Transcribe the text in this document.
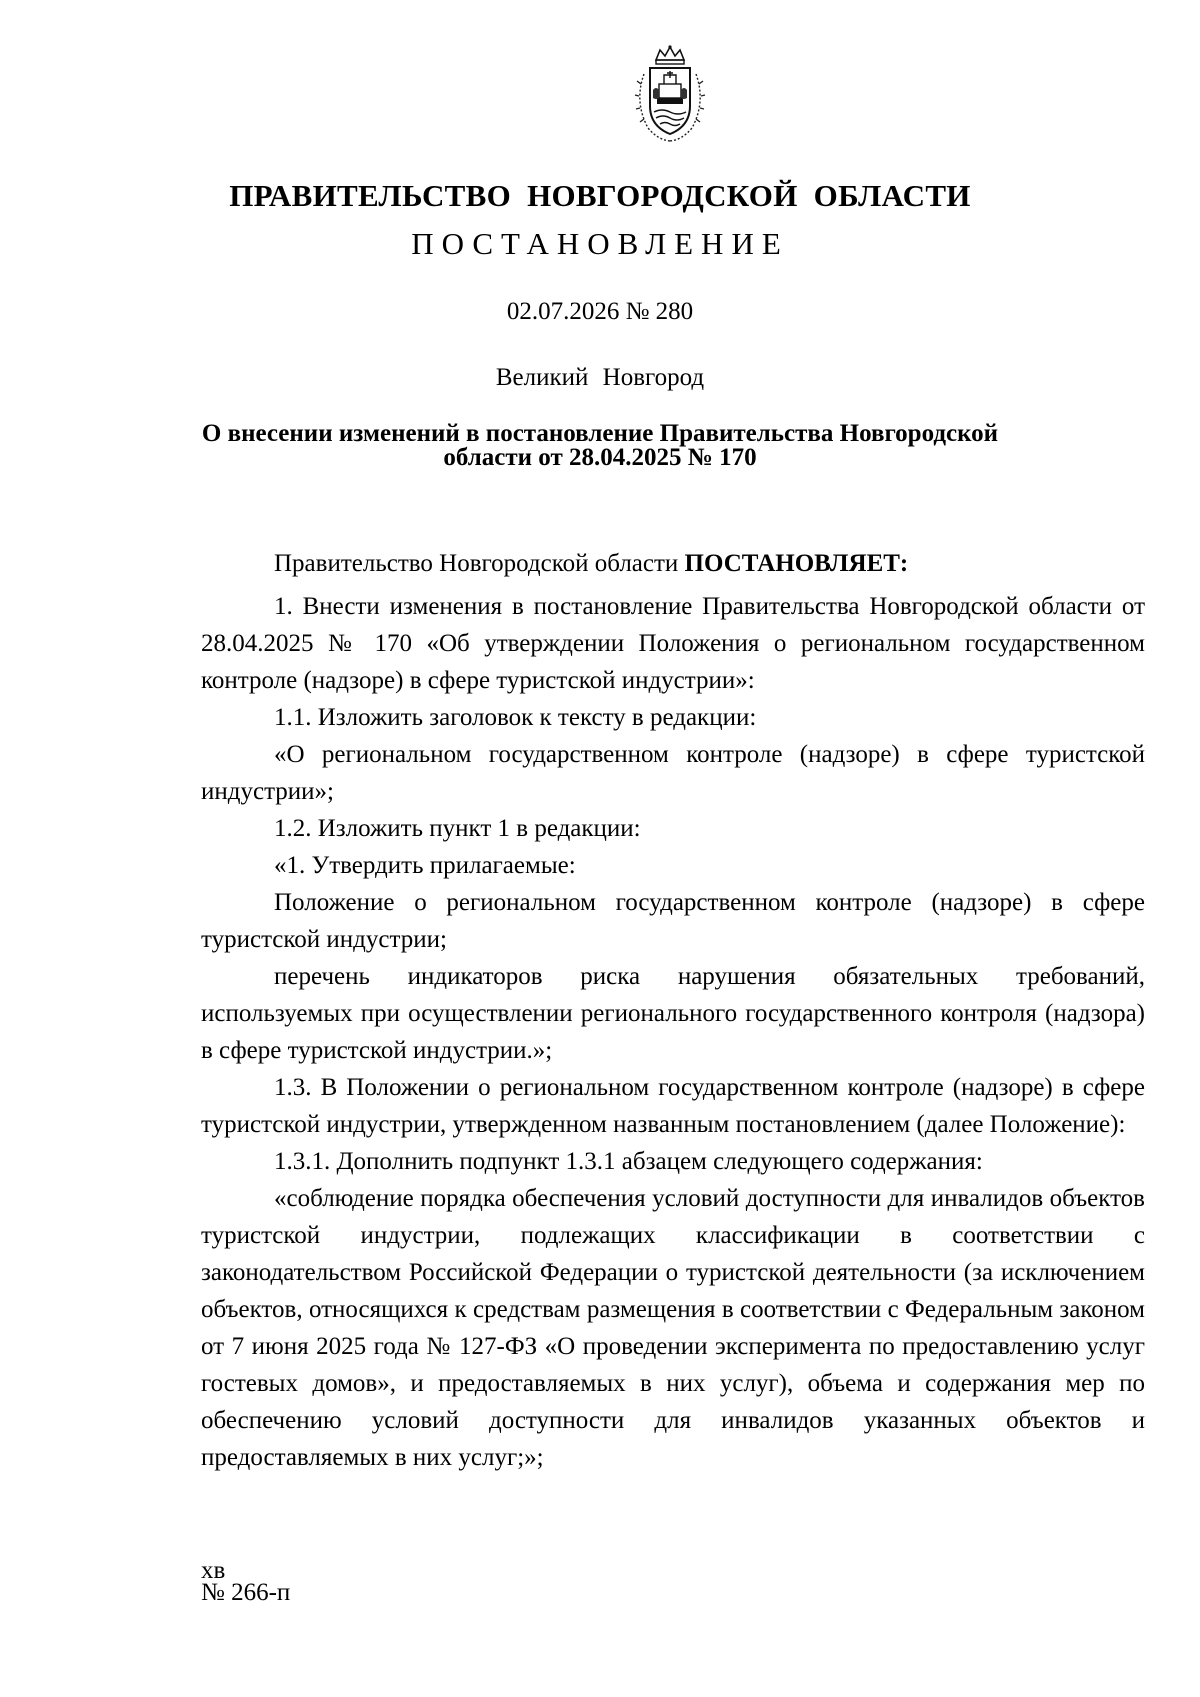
ПРАВИТЕЛЬСТВО НОВГОРОДСКОЙ ОБЛАСТИ
ПОСТАНОВЛЕНИЕ
02.07.2026 № 280
Великий Новгород
О внесении изменений в постановление Правительства Новгородской
области от 28.04.2025 № 170

Правительство Новгородской области ПОСТАНОВЛЯЕТ:

1. Внести изменения в постановление Правительства Новгородской области от 28.04.2025 № 170 «Об утверждении Положения о региональном государственном контроле (надзоре) в сфере туристской индустрии»:

1.1. Изложить заголовок к тексту в редакции:

«О региональном государственном контроле (надзоре) в сфере туристской индустрии»;

1.2. Изложить пункт 1 в редакции:

«1. Утвердить прилагаемые:

Положение о региональном государственном контроле (надзоре) в сфере туристской индустрии;

перечень индикаторов риска нарушения обязательных требований, используемых при осуществлении регионального государственного контроля (надзора) в сфере туристской индустрии.»;

1.3. В Положении о региональном государственном контроле (надзоре) в сфере туристской индустрии, утвержденном названным постановлением (далее Положение):

1.3.1. Дополнить подпункт 1.3.1 абзацем следующего содержания:

«соблюдение порядка обеспечения условий доступности для инвалидов объектов туристской индустрии, подлежащих классификации в соответствии с законодательством Российской Федерации о туристской деятельности (за исключением объектов, относящихся к средствам размещения в соответствии с Федеральным законом от 7 июня 2025 года № 127-ФЗ «О проведении эксперимента по предоставлению услуг гостевых домов», и предоставляемых в них услуг), объема и содержания мер по обеспечению условий доступности для инвалидов указанных объектов и предоставляемых в них услуг;»;

хв
№ 266-п
